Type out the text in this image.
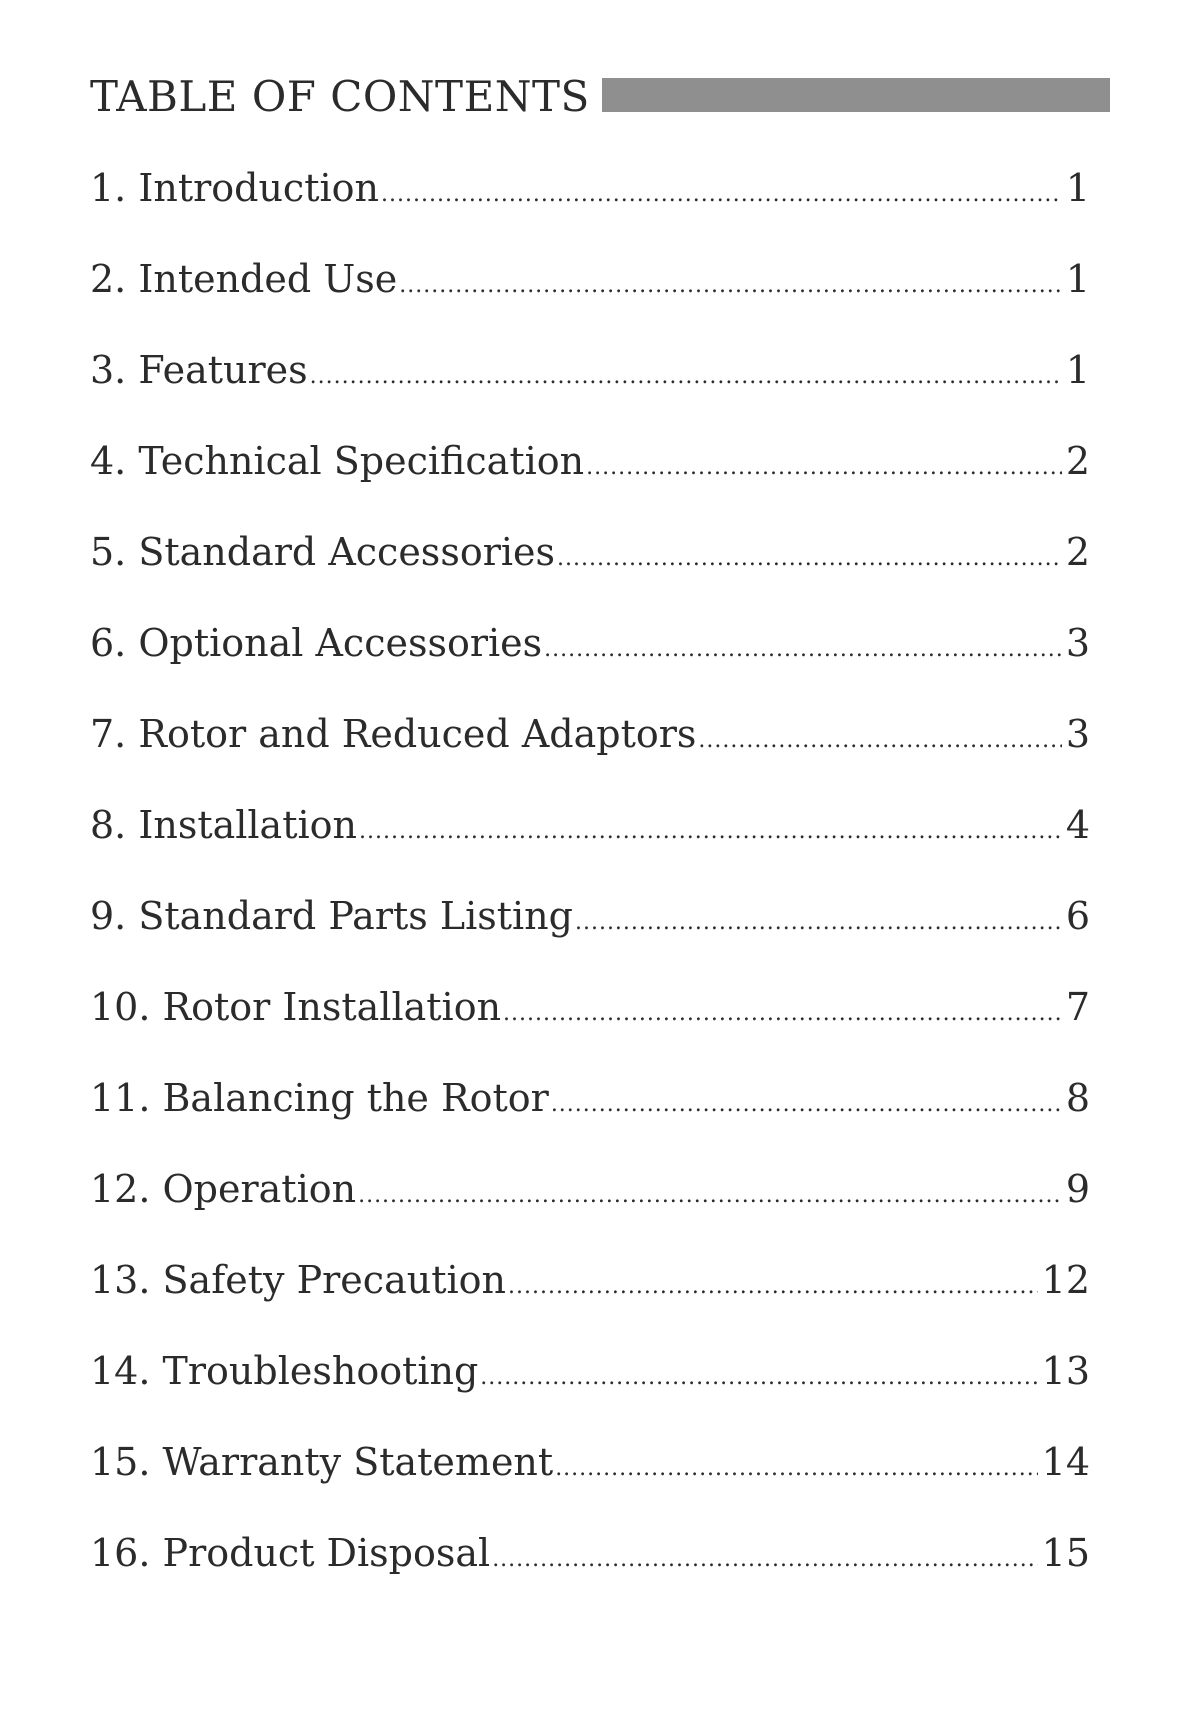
TABLE OF CONTENTS
1. Introduction .....	1
2. Intended Use .....	1
3. Features .....	1
4. Technical Specification .....	2
5. Standard Accessories .....	2
6. Optional Accessories .....	3
7. Rotor and Reduced Adaptors .....	3
8. Installation .....	4
9. Standard Parts Listing .....	6
10. Rotor Installation .....	7
11. Balancing the Rotor .....	8
12. Operation .....	9
13. Safety Precaution .....	12
14. Troubleshooting .....	13
15. Warranty Statement .....	14
16. Product Disposal .....	15
